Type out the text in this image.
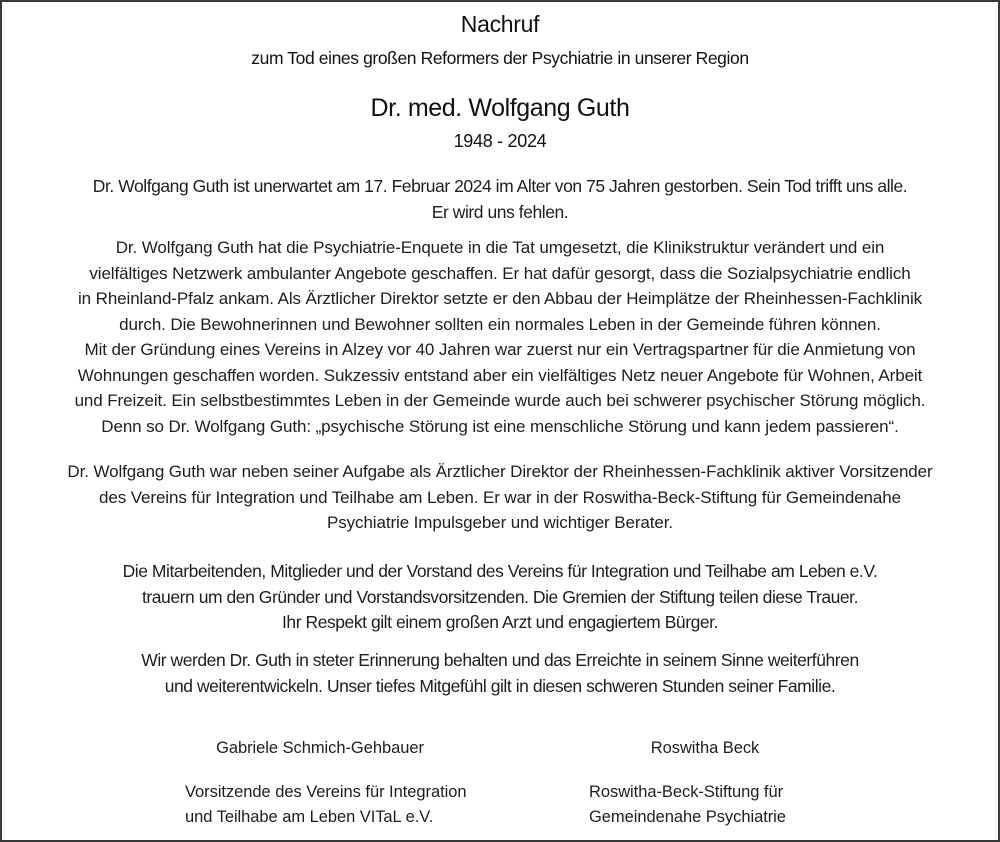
Nachruf
zum Tod eines großen Reformers der Psychiatrie in unserer Region
Dr. med. Wolfgang Guth
1948 - 2024
Dr. Wolfgang Guth ist unerwartet am 17. Februar 2024 im Alter von 75 Jahren gestorben. Sein Tod trifft uns alle.
Er wird uns fehlen.
Dr. Wolfgang Guth hat die Psychiatrie-Enquete in die Tat umgesetzt, die Klinikstruktur verändert und ein
vielfältiges Netzwerk ambulanter Angebote geschaffen. Er hat dafür gesorgt, dass die Sozialpsychiatrie endlich
in Rheinland-Pfalz ankam. Als Ärztlicher Direktor setzte er den Abbau der Heimplätze der Rheinhessen-Fachklinik
durch. Die Bewohnerinnen und Bewohner sollten ein normales Leben in der Gemeinde führen können.
Mit der Gründung eines Vereins in Alzey vor 40 Jahren war zuerst nur ein Vertragspartner für die Anmietung von
Wohnungen geschaffen worden. Sukzessiv entstand aber ein vielfältiges Netz neuer Angebote für Wohnen, Arbeit
und Freizeit. Ein selbstbestimmtes Leben in der Gemeinde wurde auch bei schwerer psychischer Störung möglich.
Denn so Dr. Wolfgang Guth: „psychische Störung ist eine menschliche Störung und kann jedem passieren“.
Dr. Wolfgang Guth war neben seiner Aufgabe als Ärztlicher Direktor der Rheinhessen-Fachklinik aktiver Vorsitzender
des Vereins für Integration und Teilhabe am Leben. Er war in der Roswitha-Beck-Stiftung für Gemeindenahe
Psychiatrie Impulsgeber und wichtiger Berater.
Die Mitarbeitenden, Mitglieder und der Vorstand des Vereins für Integration und Teilhabe am Leben e.V.
trauern um den Gründer und Vorstandsvorsitzenden. Die Gremien der Stiftung teilen diese Trauer.
Ihr Respekt gilt einem großen Arzt und engagiertem Bürger.
Wir werden Dr. Guth in steter Erinnerung behalten und das Erreichte in seinem Sinne weiterführen
und weiterentwickeln. Unser tiefes Mitgefühl gilt in diesen schweren Stunden seiner Familie.
Gabriele Schmich-Gehbauer
Vorsitzende des Vereins für Integration
und Teilhabe am Leben VITaL e.V.
Roswitha Beck
Roswitha-Beck-Stiftung für
Gemeindenahe Psychiatrie
